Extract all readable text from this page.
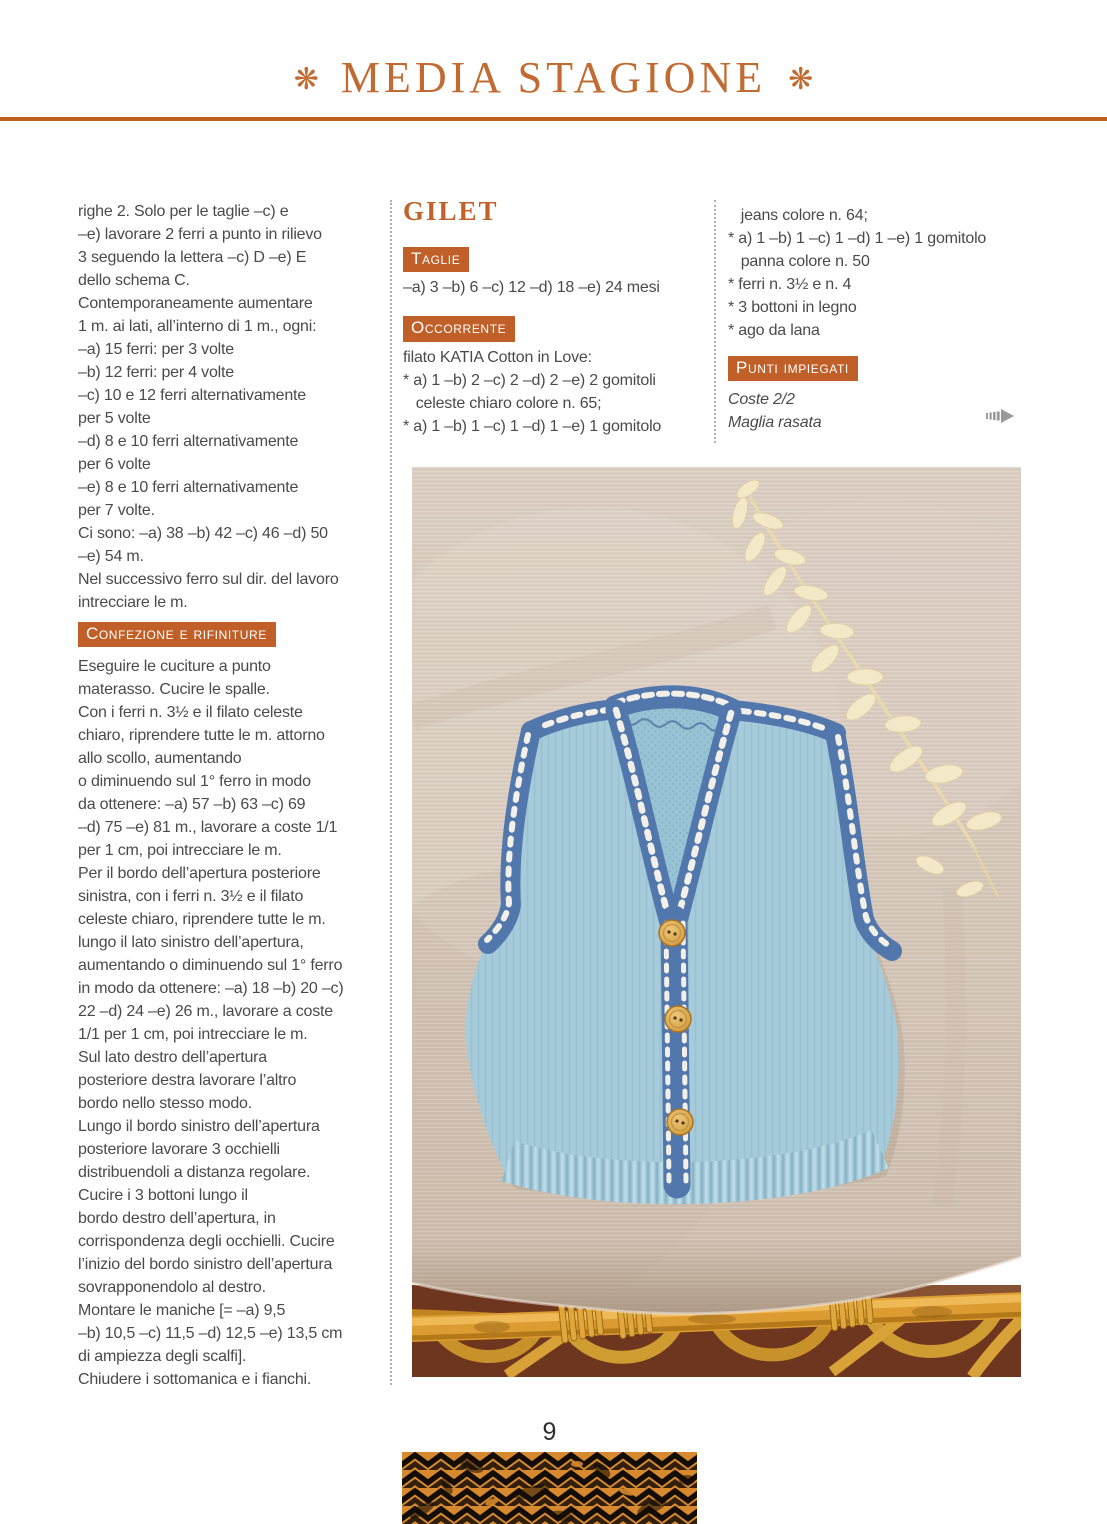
❋ MEDIA STAGIONE ❋
righe 2. Solo per le taglie –c) e
–e) lavorare 2 ferri a punto in rilievo
3 seguendo la lettera –c) D –e) E
dello schema C.
Contemporaneamente aumentare
1 m. ai lati, all’interno di 1 m., ogni:
–a) 15 ferri: per 3 volte
–b) 12 ferri: per 4 volte
–c) 10 e 12 ferri alternativamente
per 5 volte
–d) 8 e 10 ferri alternativamente
per 6 volte
–e) 8 e 10 ferri alternativamente
per 7 volte.
Ci sono: –a) 38 –b) 42 –c) 46 –d) 50
–e) 54 m.
Nel successivo ferro sul dir. del lavoro
intrecciare le m.
Confezione e rifiniture
Eseguire le cuciture a punto
materasso. Cucire le spalle.
Con i ferri n. 3½ e il filato celeste
chiaro, riprendere tutte le m. attorno
allo scollo, aumentando
o diminuendo sul 1° ferro in modo
da ottenere: –a) 57 –b) 63 –c) 69
–d) 75 –e) 81 m., lavorare a coste 1/1
per 1 cm, poi intrecciare le m.
Per il bordo dell’apertura posteriore
sinistra, con i ferri n. 3½ e il filato
celeste chiaro, riprendere tutte le m.
lungo il lato sinistro dell’apertura,
aumentando o diminuendo sul 1° ferro
in modo da ottenere: –a) 18 –b) 20 –c)
22 –d) 24 –e) 26 m., lavorare a coste
1/1 per 1 cm, poi intrecciare le m.
Sul lato destro dell’apertura
posteriore destra lavorare l’altro
bordo nello stesso modo.
Lungo il bordo sinistro dell’apertura
posteriore lavorare 3 occhielli
distribuendoli a distanza regolare.
Cucire i 3 bottoni lungo il
bordo destro dell’apertura, in
corrispondenza degli occhielli. Cucire
l’inizio del bordo sinistro dell’apertura
sovrapponendolo al destro.
Montare le maniche [= –a) 9,5
–b) 10,5 –c) 11,5 –d) 12,5 –e) 13,5 cm
di ampiezza degli scalfi].
Chiudere i sottomanica e i fianchi.
GILET
Taglie
–a) 3 –b) 6 –c) 12 –d) 18 –e) 24 mesi
Occorrente
filato KATIA Cotton in Love:
* a) 1 –b) 2 –c) 2 –d) 2 –e) 2 gomitoli
celeste chiaro colore n. 65;
* a) 1 –b) 1 –c) 1 –d) 1 –e) 1 gomitolo
jeans colore n. 64;
* a) 1 –b) 1 –c) 1 –d) 1 –e) 1 gomitolo
panna colore n. 50
* ferri n. 3½ e n. 4
* 3 bottoni in legno
* ago da lana
Punti impiegati
Coste 2/2
Maglia rasata
9
